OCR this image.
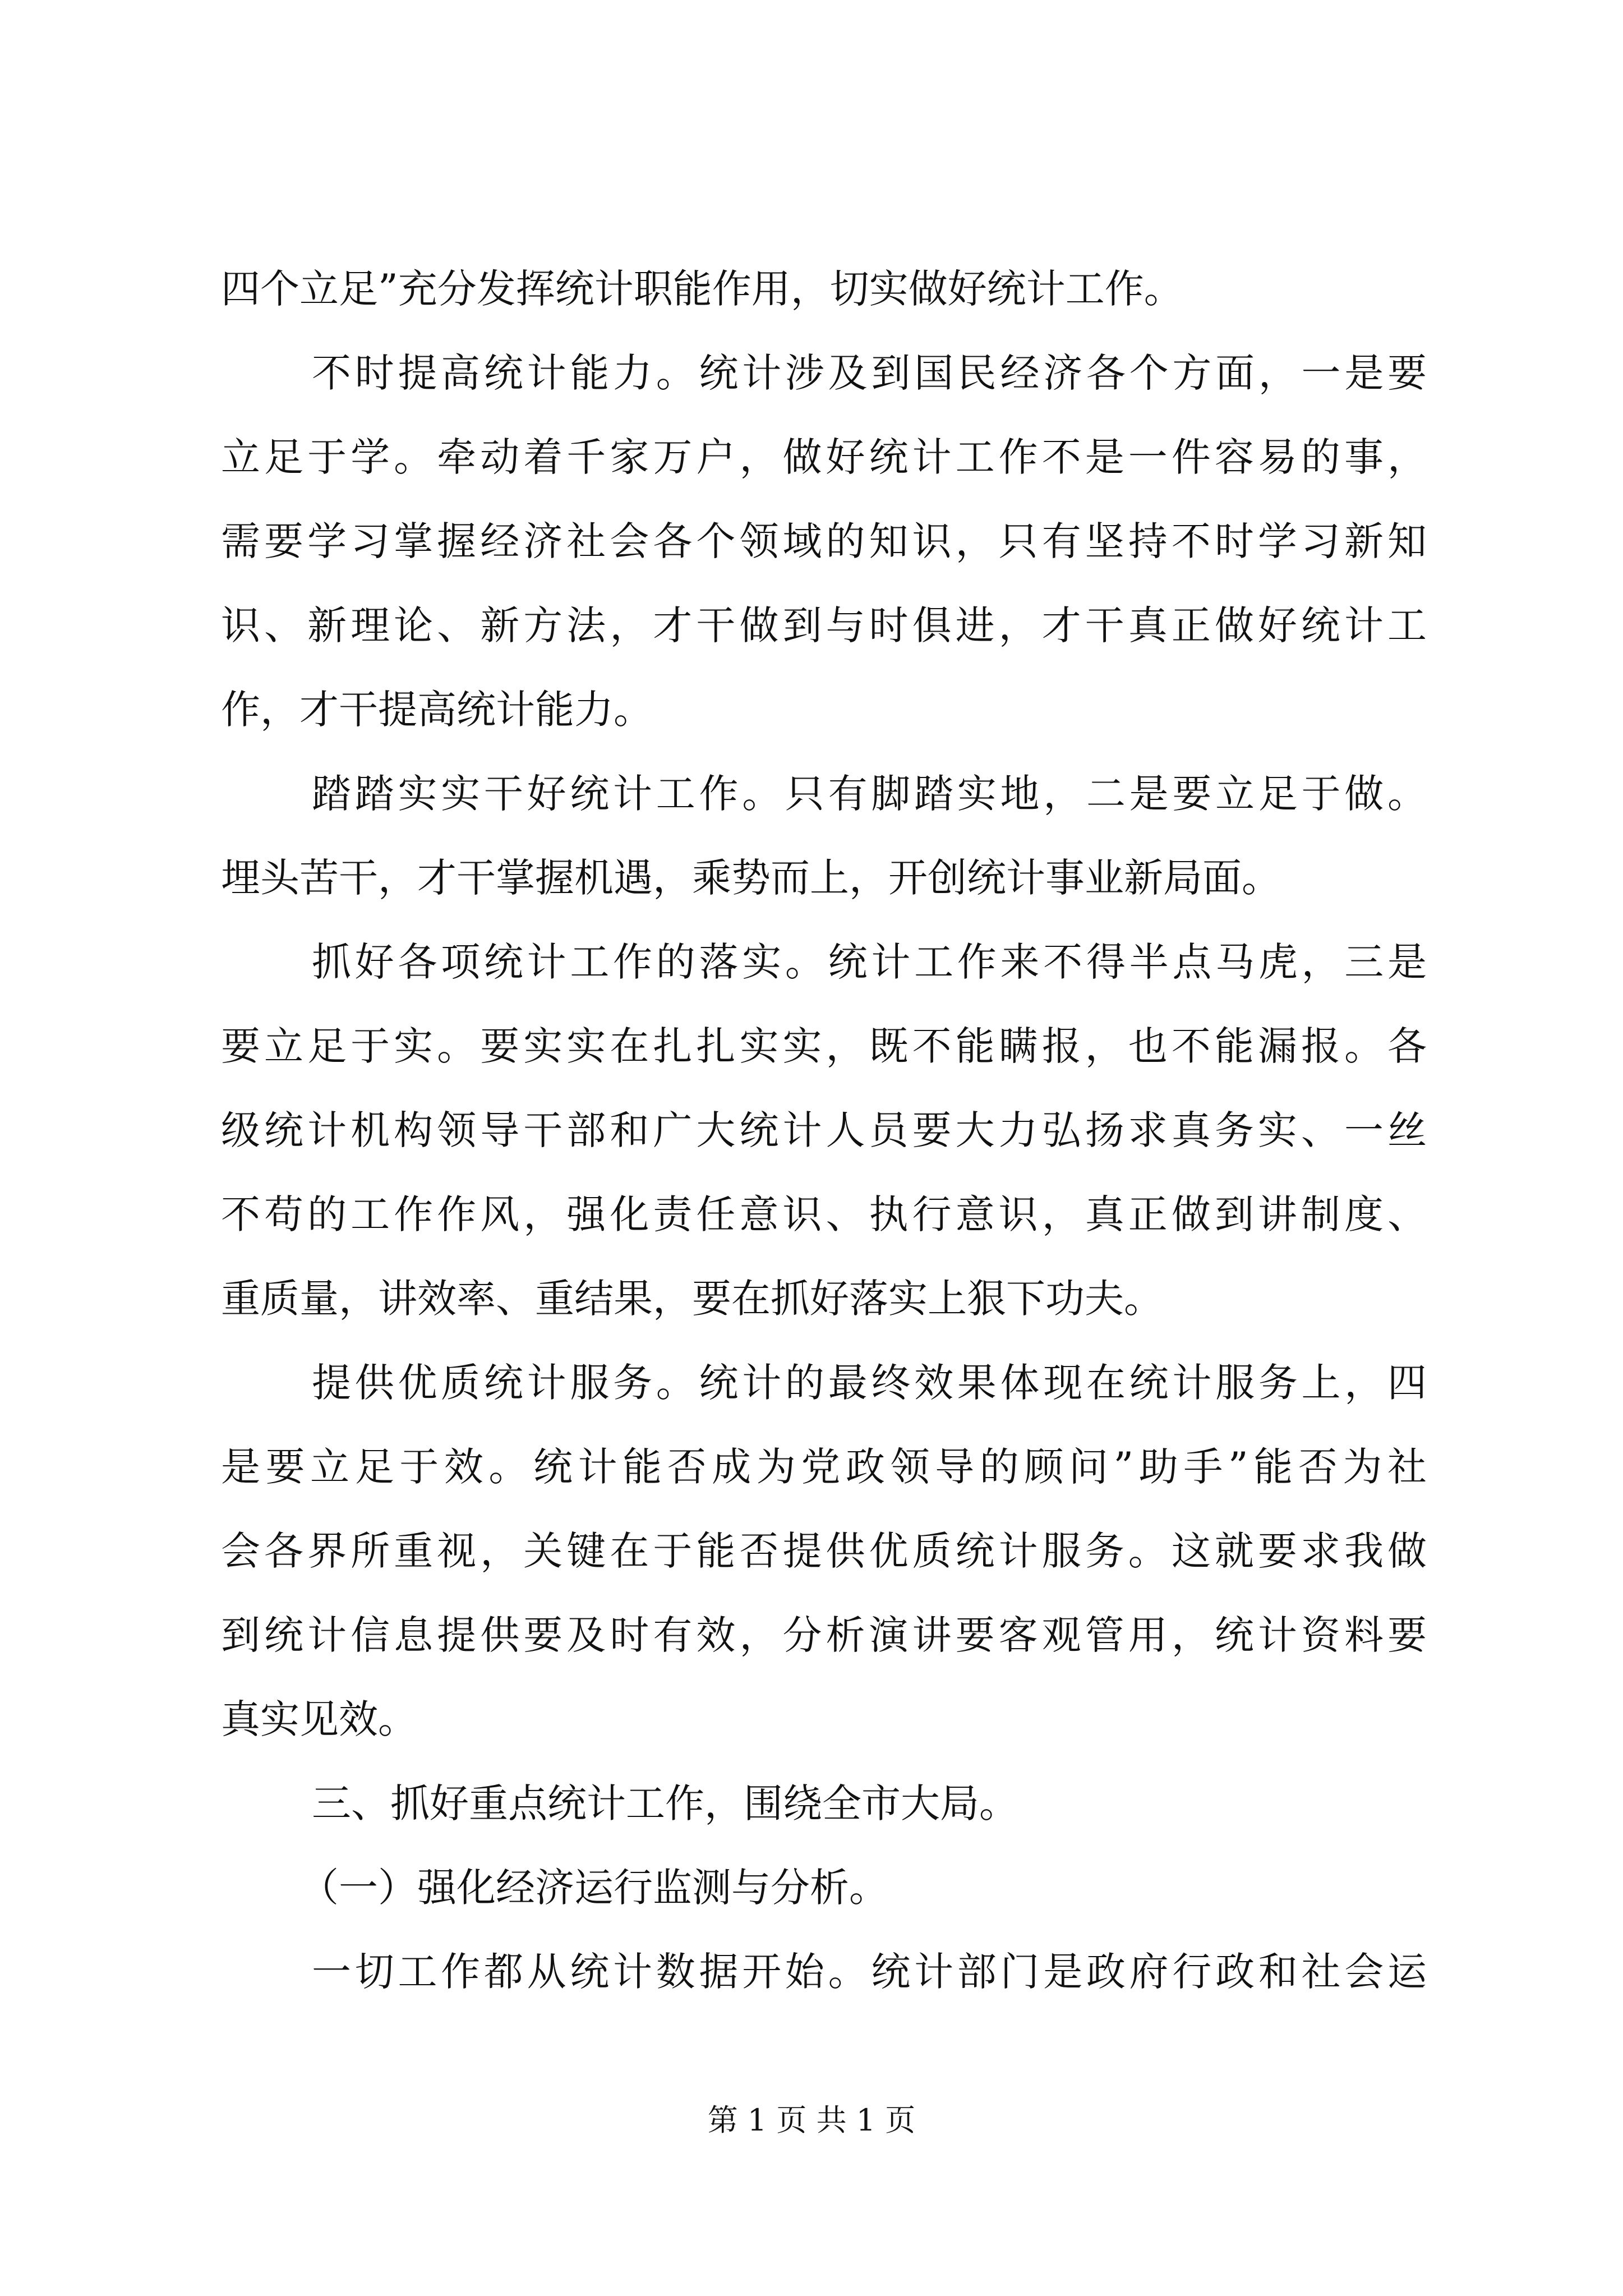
四个立足”充分发挥统计职能作用，切实做好统计工作。
不时提高统计能力。统计涉及到国民经济各个方面，一是要
立足于学。牵动着千家万户，做好统计工作不是一件容易的事，
需要学习掌握经济社会各个领域的知识，只有坚持不时学习新知
识、新理论、新方法，才干做到与时俱进，才干真正做好统计工
作，才干提高统计能力。
踏踏实实干好统计工作。只有脚踏实地，二是要立足于做。
埋头苦干，才干掌握机遇，乘势而上，开创统计事业新局面。
抓好各项统计工作的落实。统计工作来不得半点马虎，三是
要立足于实。要实实在扎扎实实，既不能瞒报，也不能漏报。各
级统计机构领导干部和广大统计人员要大力弘扬求真务实、一丝
不苟的工作作风，强化责任意识、执行意识，真正做到讲制度、
重质量，讲效率、重结果，要在抓好落实上狠下功夫。
提供优质统计服务。统计的最终效果体现在统计服务上，四
是要立足于效。统计能否成为党政领导的顾问”助手”能否为社
会各界所重视，关键在于能否提供优质统计服务。这就要求我做
到统计信息提供要及时有效，分析演讲要客观管用，统计资料要
真实见效。
三、抓好重点统计工作，围绕全市大局。
（一）强化经济运行监测与分析。
一切工作都从统计数据开始。统计部门是政府行政和社会运
第 1 页 共 1 页
